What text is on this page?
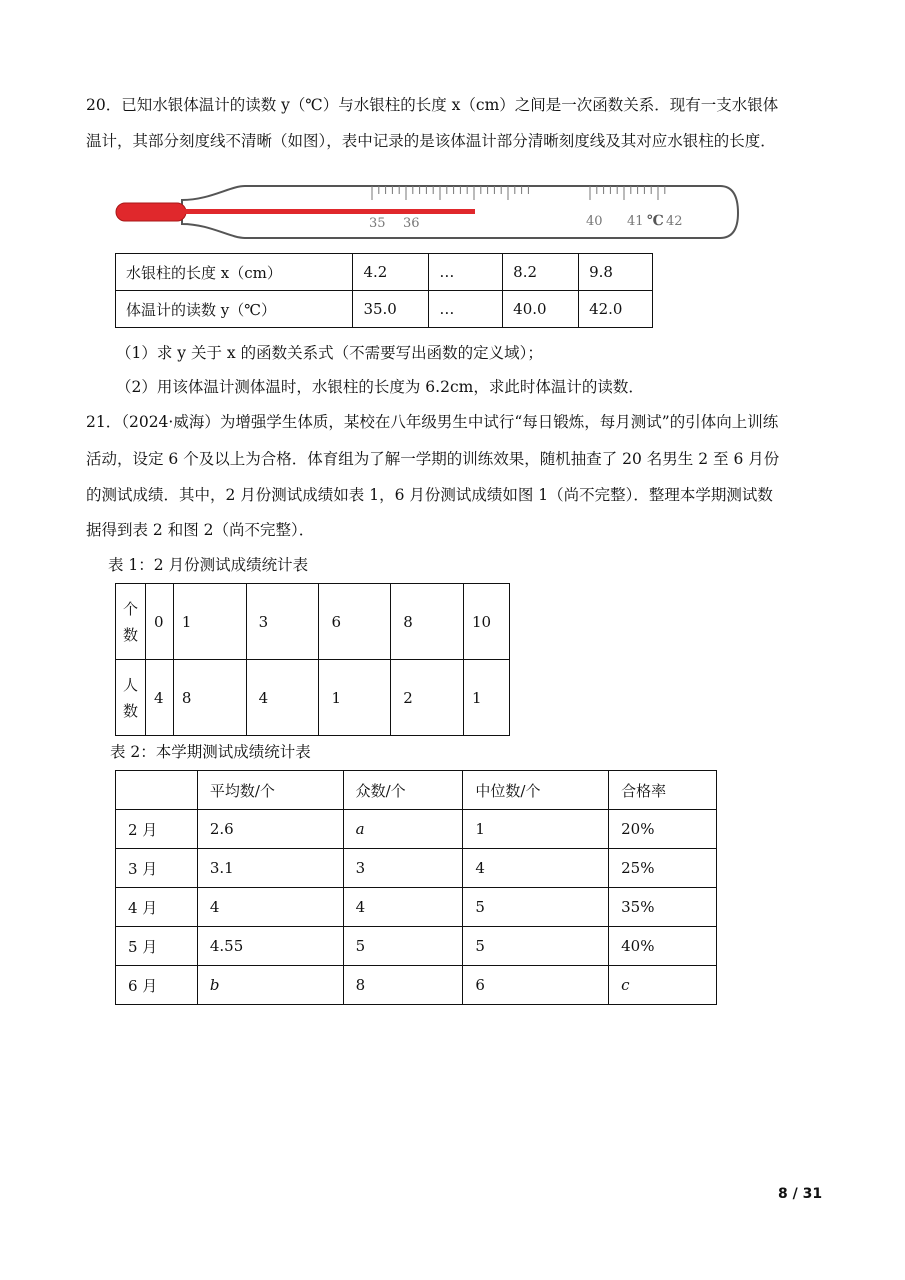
20．已知水银体温计的读数 y（℃）与水银柱的长度 x（cm）之间是一次函数关系．现有一支水银体
温计，其部分刻度线不清晰（如图），表中记录的是该体温计部分清晰刻度线及其对应水银柱的长度．
35 36	40 41 ℃ 42
水银柱的长度 x（cm）	4.2	…	8.2	9.8
体温计的读数 y（℃）	35.0	…	40.0	42.0
（1）求 y 关于 x 的函数关系式（不需要写出函数的定义域）；
（2）用该体温计测体温时，水银柱的长度为 6.2cm，求此时体温计的读数．
21．（2024·威海）为增强学生体质，某校在八年级男生中试行“每日锻炼，每月测试”的引体向上训练
活动，设定 6 个及以上为合格．体育组为了解一学期的训练效果，随机抽查了 20 名男生 2 至 6 月份
的测试成绩．其中，2 月份测试成绩如表 1，6 月份测试成绩如图 1（尚不完整）．整理本学期测试数
据得到表 2 和图 2（尚不完整）．
表 1：2 月份测试成绩统计表
个
数	0	1	3	6	8	10

人
数	4	8	4	1	2	1
表 2：本学期测试成绩统计表
	平均数/个	众数/个	中位数/个	合格率
2 月	2.6	a	1	20%
3 月	3.1	3	4	25%
4 月	4	4	5	35%
5 月	4.55	5	5	40%
6 月	b	8	6	c
8 / 31
